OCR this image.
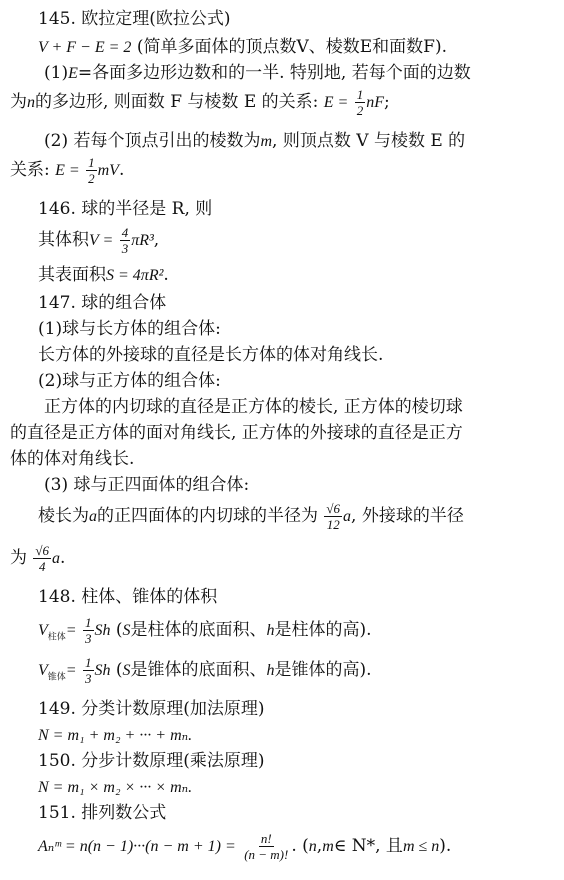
145. 欧拉定理(欧拉公式)
V + F − E = 2 (简单多面体的顶点数V、棱数E和面数F).
(1)E=各面多边形边数和的一半. 特别地, 若每个面的边数
为n的多边形, 则面数 F 与棱数 E 的关系: $E = \frac{1}{2}$ nF;
(2) 若每个顶点引出的棱数为m, 则顶点数 V 与棱数 E 的
关系: $E = \frac{1}{2}$ mV.
146. 球的半径是 R, 则
其体积$V = \frac{4}{3} \pi R^3$,
其表面积S = 4πR².
147. 球的组合体
(1)球与长方体的组合体:
长方体的外接球的直径是长方体的体对角线长.
(2)球与正方体的组合体:
正方体的内切球的直径是正方体的棱长, 正方体的棱切球
的直径是正方体的面对角线长, 正方体的外接球的直径是正方
体的体对角线长.
(3) 球与正四面体的组合体:
棱长为a的正四面体的内切球的半径为 $\frac{√6}{12} a$, 外接球的半径
为 $\frac{√6}{4} a$.
148. 柱体、锥体的体积
$V_{柱体}= \frac{1}{3}$ Sh (S是柱体的底面积、h是柱体的高).
$V_{锥体}= \frac{1}{3}$ Sh (S是锥体的底面积、h是锥体的高).
149. 分类计数原理(加法原理)
N = m₁ + m₂ + ··· + mₙ.
150. 分步计数原理(乘法原理)
N = m₁ × m₂ × ··· × mₙ.
151. 排列数公式
Aₙᵐ = $n(n - 1)\cdot\cdot\cdot(n - m + 1) = \frac{n!}{(n - m)!}$ . (n,m∈ N*, 且m ≤ n).
